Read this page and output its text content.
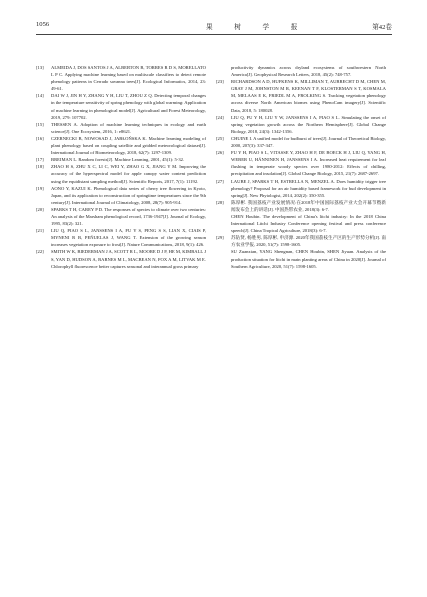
1056	果 树 学 报	第42卷

[13] ALMEIDA J, DOS SANTOS J A, ALBERTON B, TORRES R D S, MORELLATO L P C. Applying machine learning based on multiscale classifiers to detect remote phenology patterns in Cerrado savanna trees[J]. Ecological Informatics, 2014, 23: 49-61.

[14] DAI W J, JIN H Y, ZHANG Y H, LIU T, ZHOU Z Q. Detecting temporal changes in the temperature sensitivity of spring phenology with global warming: Application of machine learning in phenological model[J]. Agricultural and Forest Meteorology, 2019, 279: 107702.

[15] THESSEN A. Adoption of machine learning techniques in ecology and earth science[J]. One Ecosystem, 2016, 1: e8621.

[16] CZERNECKI B, NOWOSAD J, JABŁOŃSKA K. Machine learning modeling of plant phenology based on coupling satellite and gridded meteorological dataset[J]. International Journal of Biometeorology, 2018, 62(7): 1297-1309.

[17] BREIMAN L. Random forests[J]. Machine Learning, 2001, 45(1): 5-32.

[18] ZHAO H S, ZHU X C, LI C, WEI Y, ZHAO G X, JIANG Y M. Improving the accuracy of the hyperspectral model for apple canopy water content prediction using the equidistant sampling method[J]. Scientific Reports, 2017, 7(1): 11192.

[19] AONO Y, KAZUI K. Phenological data series of cherry tree flowering in Kyoto, Japan, and its application to reconstruction of springtime temperatures since the 9th century[J]. International Journal of Climatology, 2008, 28(7): 905-914.

[20] SPARKS T H, CAREY P D. The responses of species to climate over two centuries: An analysis of the Marsham phenological record, 1736-1947[J]. Journal of Ecology, 1995, 83(2): 321.

[21] LIU Q, PIAO S L, JANSSENS I A, FU Y S, PENG S S, LIAN X, CIAIS P, MYNENI R B, PEÑUELAS J, WANG T. Extension of the growing season increases vegetation exposure to frost[J]. Nature Communications, 2018, 9(1): 426.

[22] SMITH W K, BIEDERMAN J A, SCOTT R L, MOORE D J P, HE M, KIMBALL J S, YAN D, HUDSON A, BARNES M L, MACBEAN N, FOX A M, LITVAK M E. Chlorophyll fluorescence better captures seasonal and interannual gross primary

productivity dynamics across dryland ecosystems of southwestern North America[J]. Geophysical Research Letters, 2018, 45(2): 748-757.

[23] RICHARDSON A D, HUFKENS K, MILLIMAN T, AUBRECHT D M, CHEN M, GRAY J M, JOHNSTON M R, KEENAN T F, KLOSTERMAN S T, KOSMALA M, MELAAS E K, FRIEDL M A, FROLKING S. Tracking vegetation phenology across diverse North American biomes using PhenoCam imagery[J]. Scientific Data, 2018, 5: 180028.

[24] LIU Q, FU Y H, LIU Y W, JANSSENS I A, PIAO S L. Simulating the onset of spring vegetation growth across the Northern Hemisphere[J]. Global Change Biology, 2018, 24(3): 1342-1356.

[25] CHUINE I. A unified model for budburst of trees[J]. Journal of Theoretical Biology, 2000, 207(3): 337-347.

[26] FU Y H, PIAO S L, VITASSE Y, ZHAO H F, DE BOECK H J, LIU Q, YANG H, WEBER U, HÄNNINEN H, JANSSENS I A. Increased heat requirement for leaf flushing in temperate woody species over 1980-2012: Effects of chilling, precipitation and insolation[J]. Global Change Biology, 2015, 21(7): 2687-2697.

[27] LAUBE J, SPARKS T H, ESTRELLA N, MENZEL A. Does humidity trigger tree phenology? Proposal for an air humidity based framework for bud development in spring[J]. New Phytologist, 2014, 202(2): 350-355.

[28] 陈厚彬. 我国荔枝产业发展情况:在2018年中国国际荔枝产业大会开幕节暨新闻发布会上的讲话[J]. 中国热带农业, 2018(3): 6-7.

CHEN Houbin. The development of China's litchi industry: In the 2018 China International Litchi Industry Conference opening festival and press conference speech[J]. China Tropical Agriculture, 2018(3): 6-7.

[29] 苏钻贤, 杨胜男, 陈厚彬, 申济源. 2020年我国荔枝生产区的生产形势分析[J]. 南方农业学报, 2020, 51(7): 1598-1605.

SU Zuanxian, YANG Shengnan, CHEN Houbin, SHEN Jiyuan. Analysis of the production situation for litchi in main planting areas of China in 2020[J]. Journal of Southern Agriculture, 2020, 51(7): 1598-1605.
